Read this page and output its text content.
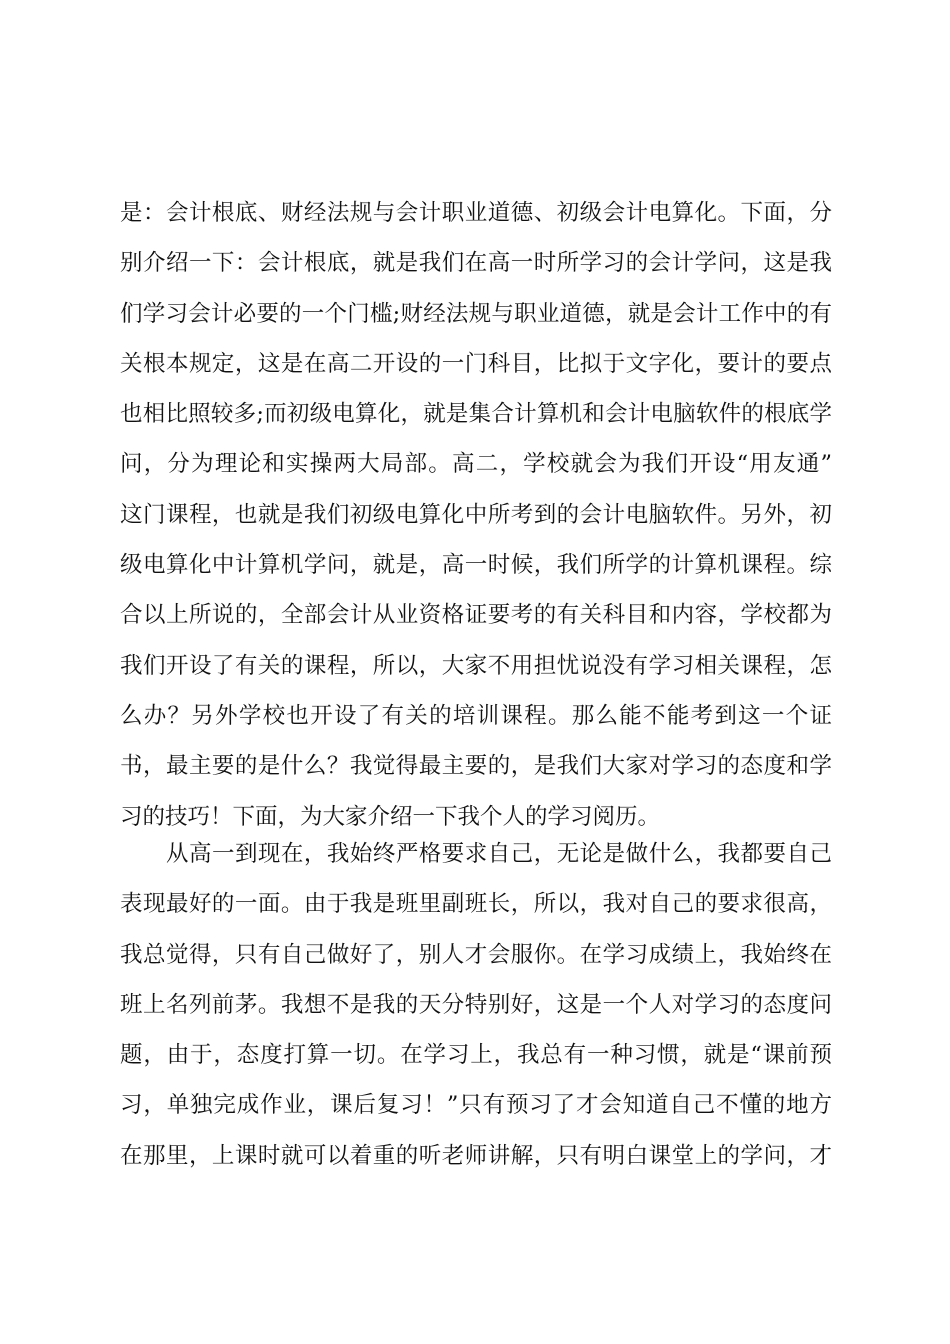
是：会计根底、财经法规与会计职业道德、初级会计电算化。下面，分
别介绍一下：会计根底，就是我们在高一时所学习的会计学问，这是我
们学习会计必要的一个门槛;财经法规与职业道德，就是会计工作中的有
关根本规定，这是在高二开设的一门科目，比拟于文字化，要计的要点
也相比照较多;而初级电算化，就是集合计算机和会计电脑软件的根底学
问，分为理论和实操两大局部。高二，学校就会为我们开设“用友通”
这门课程，也就是我们初级电算化中所考到的会计电脑软件。另外，初
级电算化中计算机学问，就是，高一时候，我们所学的计算机课程。综
合以上所说的，全部会计从业资格证要考的有关科目和内容，学校都为
我们开设了有关的课程，所以，大家不用担忧说没有学习相关课程，怎
么办？另外学校也开设了有关的培训课程。那么能不能考到这一个证
书，最主要的是什么？我觉得最主要的，是我们大家对学习的态度和学
习的技巧！下面，为大家介绍一下我个人的学习阅历。
从高一到现在，我始终严格要求自己，无论是做什么，我都要自己
表现最好的一面。由于我是班里副班长，所以，我对自己的要求很高，
我总觉得，只有自己做好了，别人才会服你。在学习成绩上，我始终在
班上名列前茅。我想不是我的天分特别好，这是一个人对学习的态度问
题，由于，态度打算一切。在学习上，我总有一种习惯，就是“课前预
习，单独完成作业，课后复习！”只有预习了才会知道自己不懂的地方
在那里，上课时就可以着重的听老师讲解，只有明白课堂上的学问，才
